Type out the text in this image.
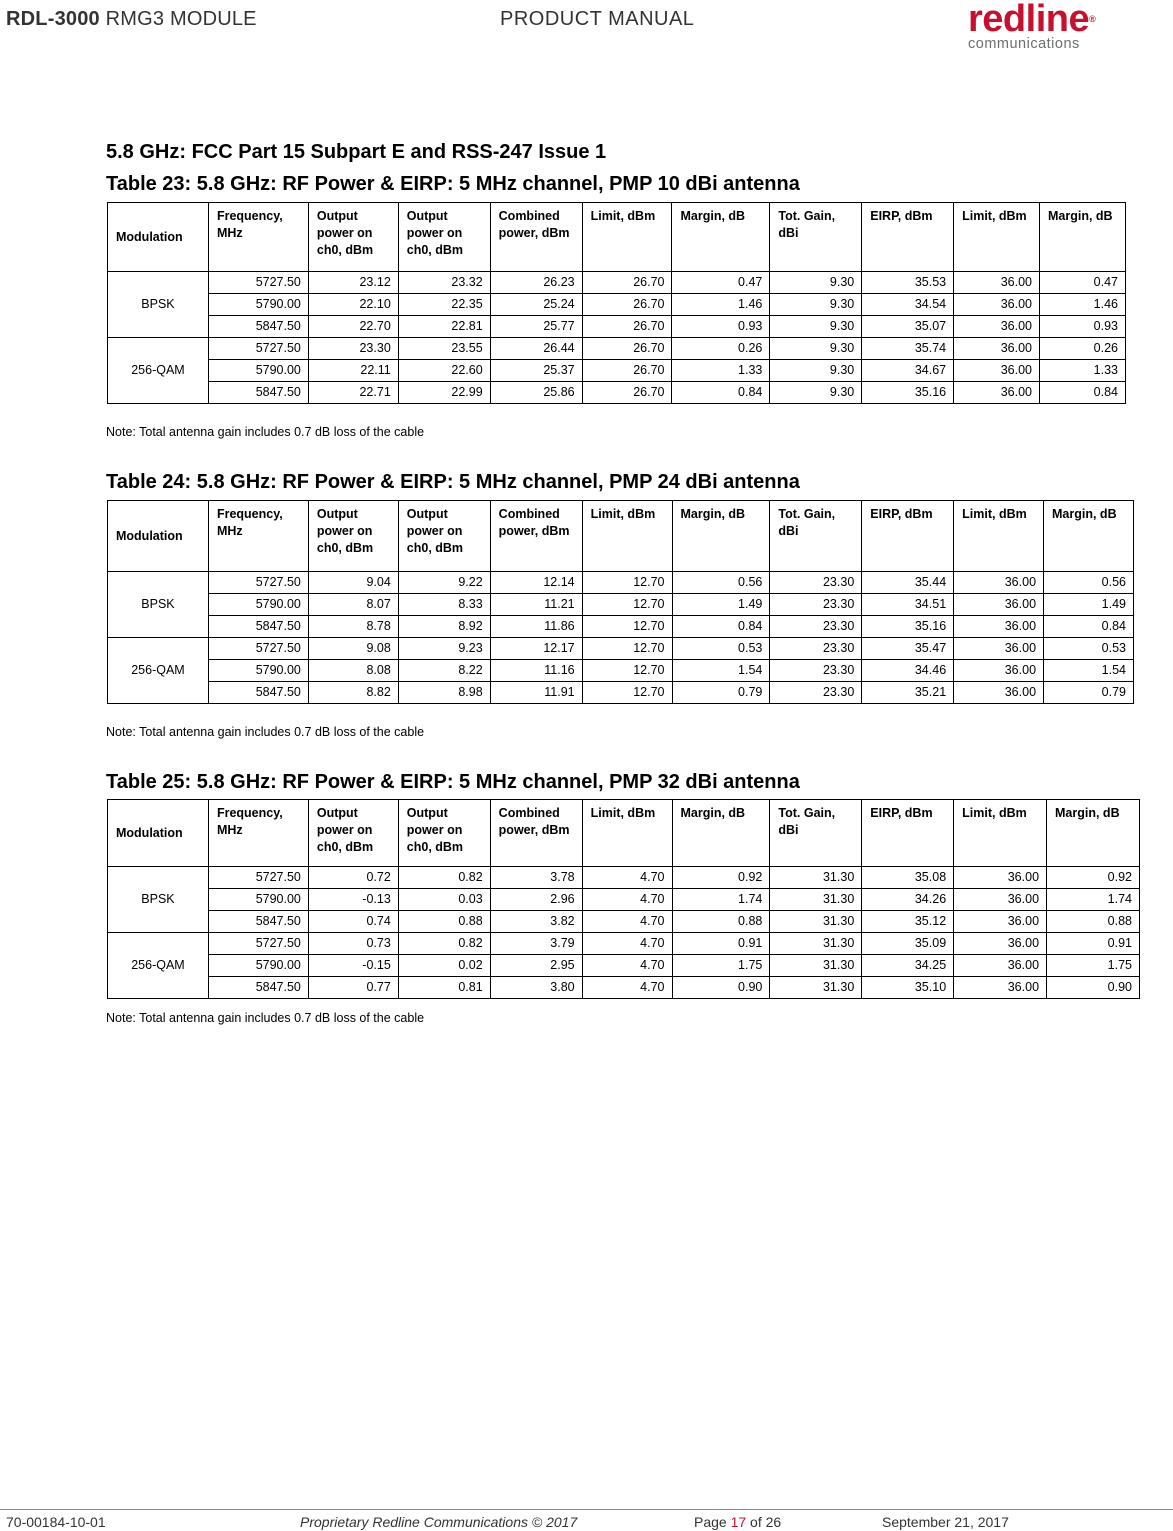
RDL-3000 RMG3 MODULE	PRODUCT MANUAL	redline®
communications
5.8 GHz: FCC Part 15 Subpart E and RSS-247 Issue 1
Table 23: 5.8 GHz: RF Power & EIRP: 5 MHz channel, PMP 10 dBi antenna
Modulation	Frequency, MHz	Output power on ch0, dBm	Output power on ch0, dBm	Combined power, dBm	Limit, dBm	Margin, dB	Tot. Gain, dBi	EIRP, dBm	Limit, dBm	Margin, dB
BPSK	5727.50	23.12	23.32	26.23	26.70	0.47	9.30	35.53	36.00	0.47
	5790.00	22.10	22.35	25.24	26.70	1.46	9.30	34.54	36.00	1.46
	5847.50	22.70	22.81	25.77	26.70	0.93	9.30	35.07	36.00	0.93
256-QAM	5727.50	23.30	23.55	26.44	26.70	0.26	9.30	35.74	36.00	0.26
	5790.00	22.11	22.60	25.37	26.70	1.33	9.30	34.67	36.00	1.33
	5847.50	22.71	22.99	25.86	26.70	0.84	9.30	35.16	36.00	0.84
Note: Total antenna gain includes 0.7 dB loss of the cable
Table 24: 5.8 GHz: RF Power & EIRP: 5 MHz channel, PMP 24 dBi antenna
Modulation	Frequency, MHz	Output power on ch0, dBm	Output power on ch0, dBm	Combined power, dBm	Limit, dBm	Margin, dB	Tot. Gain, dBi	EIRP, dBm	Limit, dBm	Margin, dB
BPSK	5727.50	9.04	9.22	12.14	12.70	0.56	23.30	35.44	36.00	0.56
	5790.00	8.07	8.33	11.21	12.70	1.49	23.30	34.51	36.00	1.49
	5847.50	8.78	8.92	11.86	12.70	0.84	23.30	35.16	36.00	0.84
256-QAM	5727.50	9.08	9.23	12.17	12.70	0.53	23.30	35.47	36.00	0.53
	5790.00	8.08	8.22	11.16	12.70	1.54	23.30	34.46	36.00	1.54
	5847.50	8.82	8.98	11.91	12.70	0.79	23.30	35.21	36.00	0.79
Note: Total antenna gain includes 0.7 dB loss of the cable
Table 25: 5.8 GHz: RF Power & EIRP: 5 MHz channel, PMP 32 dBi antenna
Modulation	Frequency, MHz	Output power on ch0, dBm	Output power on ch0, dBm	Combined power, dBm	Limit, dBm	Margin, dB	Tot. Gain, dBi	EIRP, dBm	Limit, dBm	Margin, dB
BPSK	5727.50	0.72	0.82	3.78	4.70	0.92	31.30	35.08	36.00	0.92
	5790.00	-0.13	0.03	2.96	4.70	1.74	31.30	34.26	36.00	1.74
	5847.50	0.74	0.88	3.82	4.70	0.88	31.30	35.12	36.00	0.88
256-QAM	5727.50	0.73	0.82	3.79	4.70	0.91	31.30	35.09	36.00	0.91
	5790.00	-0.15	0.02	2.95	4.70	1.75	31.30	34.25	36.00	1.75
	5847.50	0.77	0.81	3.80	4.70	0.90	31.30	35.10	36.00	0.90
Note: Total antenna gain includes 0.7 dB loss of the cable
70-00184-10-01	Proprietary Redline Communications © 2017	Page 17 of 26	September 21, 2017
